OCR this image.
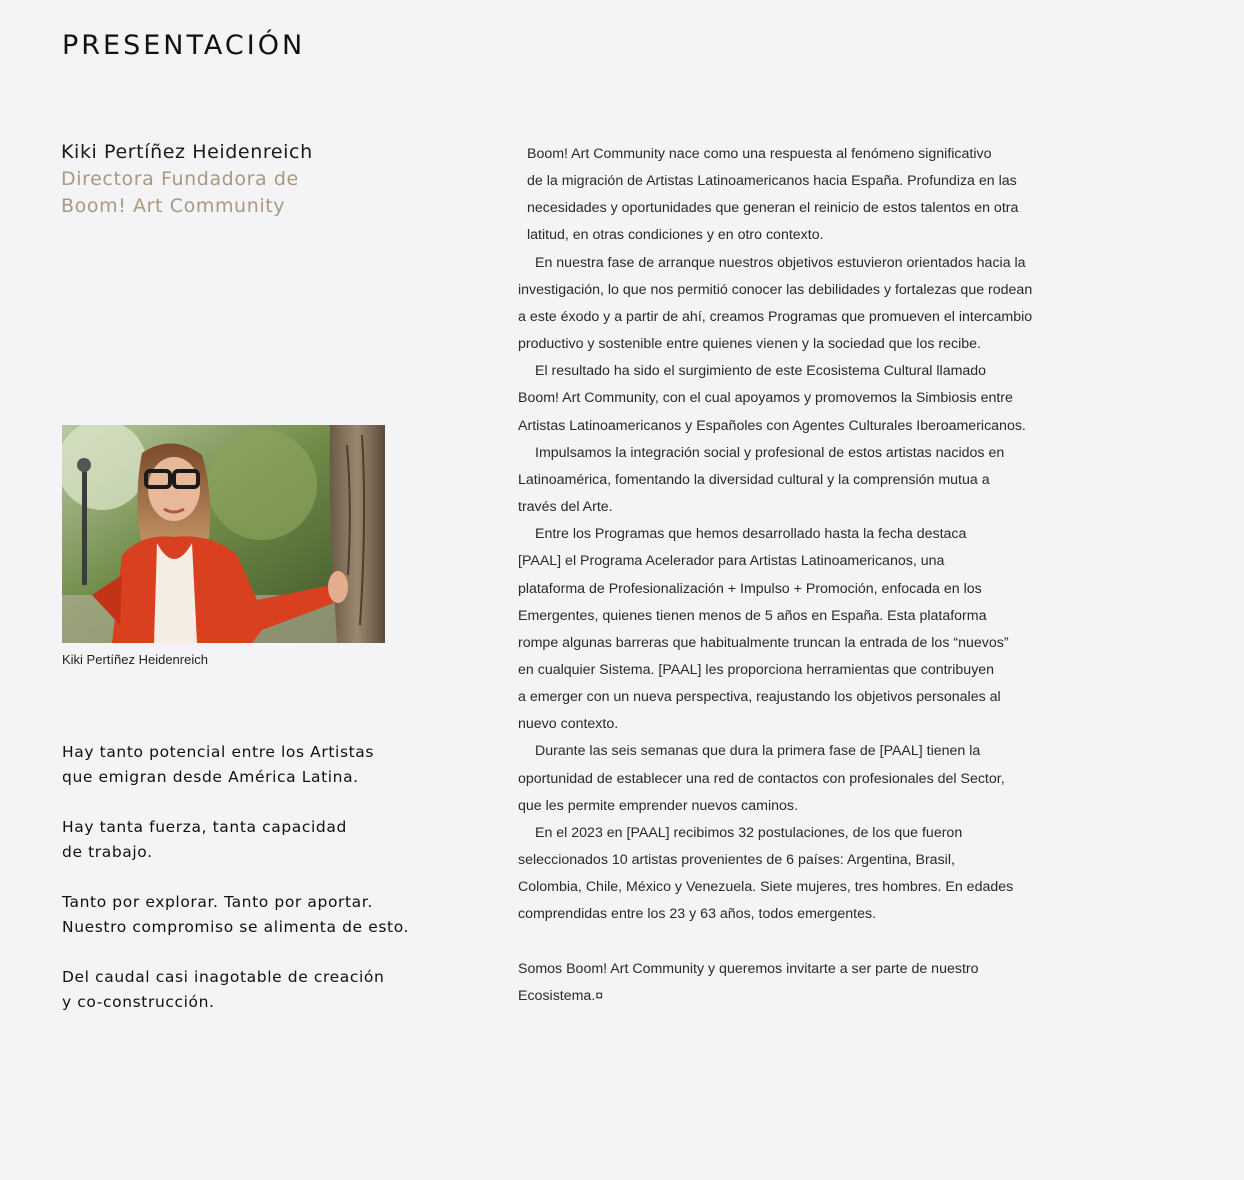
PRESENTACIÓN
Kiki Pertíñez Heidenreich
Directora Fundadora de
Boom! Art Community
Kiki Pertíñez Heidenreich

Hay tanto potencial entre los Artistas
que emigran desde América Latina.

Hay tanta fuerza, tanta capacidad
de trabajo.

Tanto por explorar. Tanto por aportar.
Nuestro compromiso se alimenta de esto.

Del caudal casi inagotable de creación
y co-construcción.

Boom! Art Community nace como una respuesta al fenómeno significativo
de la migración de Artistas Latinoamericanos hacia España. Profundiza en las
necesidades y oportunidades que generan el reinicio de estos talentos en otra
latitud, en otras condiciones y en otro contexto.

En nuestra fase de arranque nuestros objetivos estuvieron orientados hacia la
investigación, lo que nos permitió conocer las debilidades y fortalezas que rodean
a este éxodo y a partir de ahí, creamos Programas que promueven el intercambio
productivo y sostenible entre quienes vienen y la sociedad que los recibe.

El resultado ha sido el surgimiento de este Ecosistema Cultural llamado
Boom! Art Community, con el cual apoyamos y promovemos la Simbiosis entre
Artistas Latinoamericanos y Españoles con Agentes Culturales Iberoamericanos.

Impulsamos la integración social y profesional de estos artistas nacidos en
Latinoamérica, fomentando la diversidad cultural y la comprensión mutua a
través del Arte.

Entre los Programas que hemos desarrollado hasta la fecha destaca
[PAAL] el Programa Acelerador para Artistas Latinoamericanos, una
plataforma de Profesionalización + Impulso + Promoción, enfocada en los
Emergentes, quienes tienen menos de 5 años en España. Esta plataforma
rompe algunas barreras que habitualmente truncan la entrada de los “nuevos”
en cualquier Sistema. [PAAL] les proporciona herramientas que contribuyen
a emerger con un nueva perspectiva, reajustando los objetivos personales al
nuevo contexto.

Durante las seis semanas que dura la primera fase de [PAAL] tienen la
oportunidad de establecer una red de contactos con profesionales del Sector,
que les permite emprender nuevos caminos.

En el 2023 en [PAAL] recibimos 32 postulaciones, de los que fueron
seleccionados 10 artistas provenientes de 6 países: Argentina, Brasil,
Colombia, Chile, México y Venezuela. Siete mujeres, tres hombres. En edades
comprendidas entre los 23 y 63 años, todos emergentes.

Somos Boom! Art Community y queremos invitarte a ser parte de nuestro
Ecosistema.¤
